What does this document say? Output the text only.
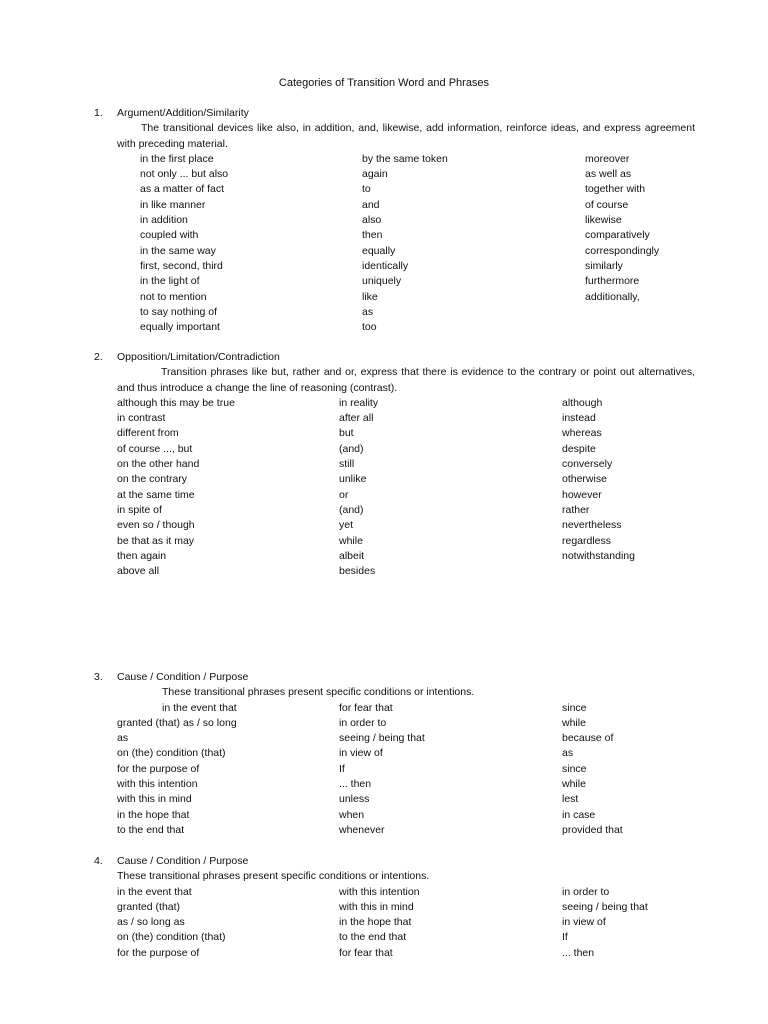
Categories of Transition Word and Phrases
1. Argument/Addition/Similarity
The transitional devices like also, in addition, and, likewise, add information, reinforce ideas, and express agreement with preceding material.
in the first place	by the same token	moreover
not only ... but also	again	as well as
as a matter of fact	to	together with
in like manner	and	of course
in addition	also	likewise
coupled with	then	comparatively
in the same way	equally	correspondingly
first, second, third	identically	similarly
in the light of	uniquely	furthermore
not to mention	like	additionally,
to say nothing of	as
equally important	too
2. Opposition/Limitation/Contradiction
Transition phrases like but, rather and or, express that there is evidence to the contrary or point out alternatives, and thus introduce a change the line of reasoning (contrast).
although this may be true	in reality	although
in contrast	after all	instead
different from	but	whereas
of course ..., but	(and)	despite
on the other hand	still	conversely
on the contrary	unlike	otherwise
at the same time	or	however
in spite of	(and)	rather
even so / though	yet	nevertheless
be that as it may	while	regardless
then again	albeit	notwithstanding
above all	besides
3. Cause / Condition / Purpose
These transitional phrases present specific conditions or intentions.
in the event that	for fear that	since
granted (that) as / so long	in order to	while
as	seeing / being that	because of
on (the) condition (that)	in view of	as
for the purpose of	If	since
with this intention	... then	while
with this in mind	unless	lest
in the hope that	when	in case
to the end that	whenever	provided that
4. Cause / Condition / Purpose
These transitional phrases present specific conditions or intentions.
in the event that	with this intention	in order to
granted (that)	with this in mind	seeing / being that
as / so long as	in the hope that	in view of
on (the) condition (that)	to the end that	If
for the purpose of	for fear that	... then
